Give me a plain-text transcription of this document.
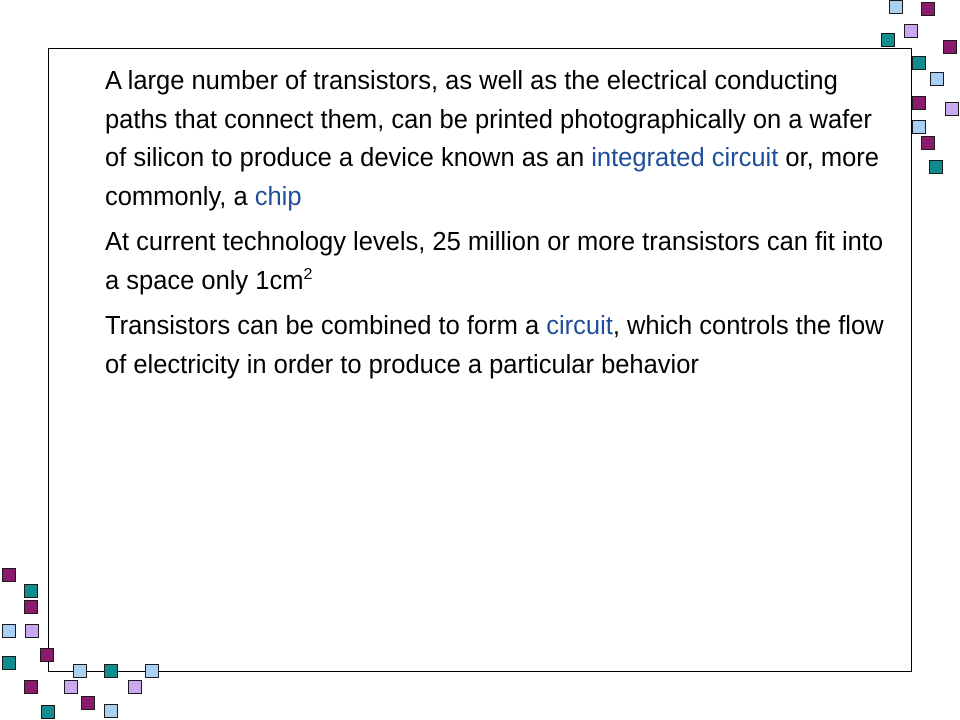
A large number of transistors, as well as the electrical conducting paths that connect them, can be printed photographically on a wafer of silicon to produce a device known as an integrated circuit or, more commonly, a chip

At current technology levels, 25 million or more transistors can fit into a space only $1cm^2$

Transistors can be combined to form a circuit, which controls the flow of electricity in order to produce a particular behavior
